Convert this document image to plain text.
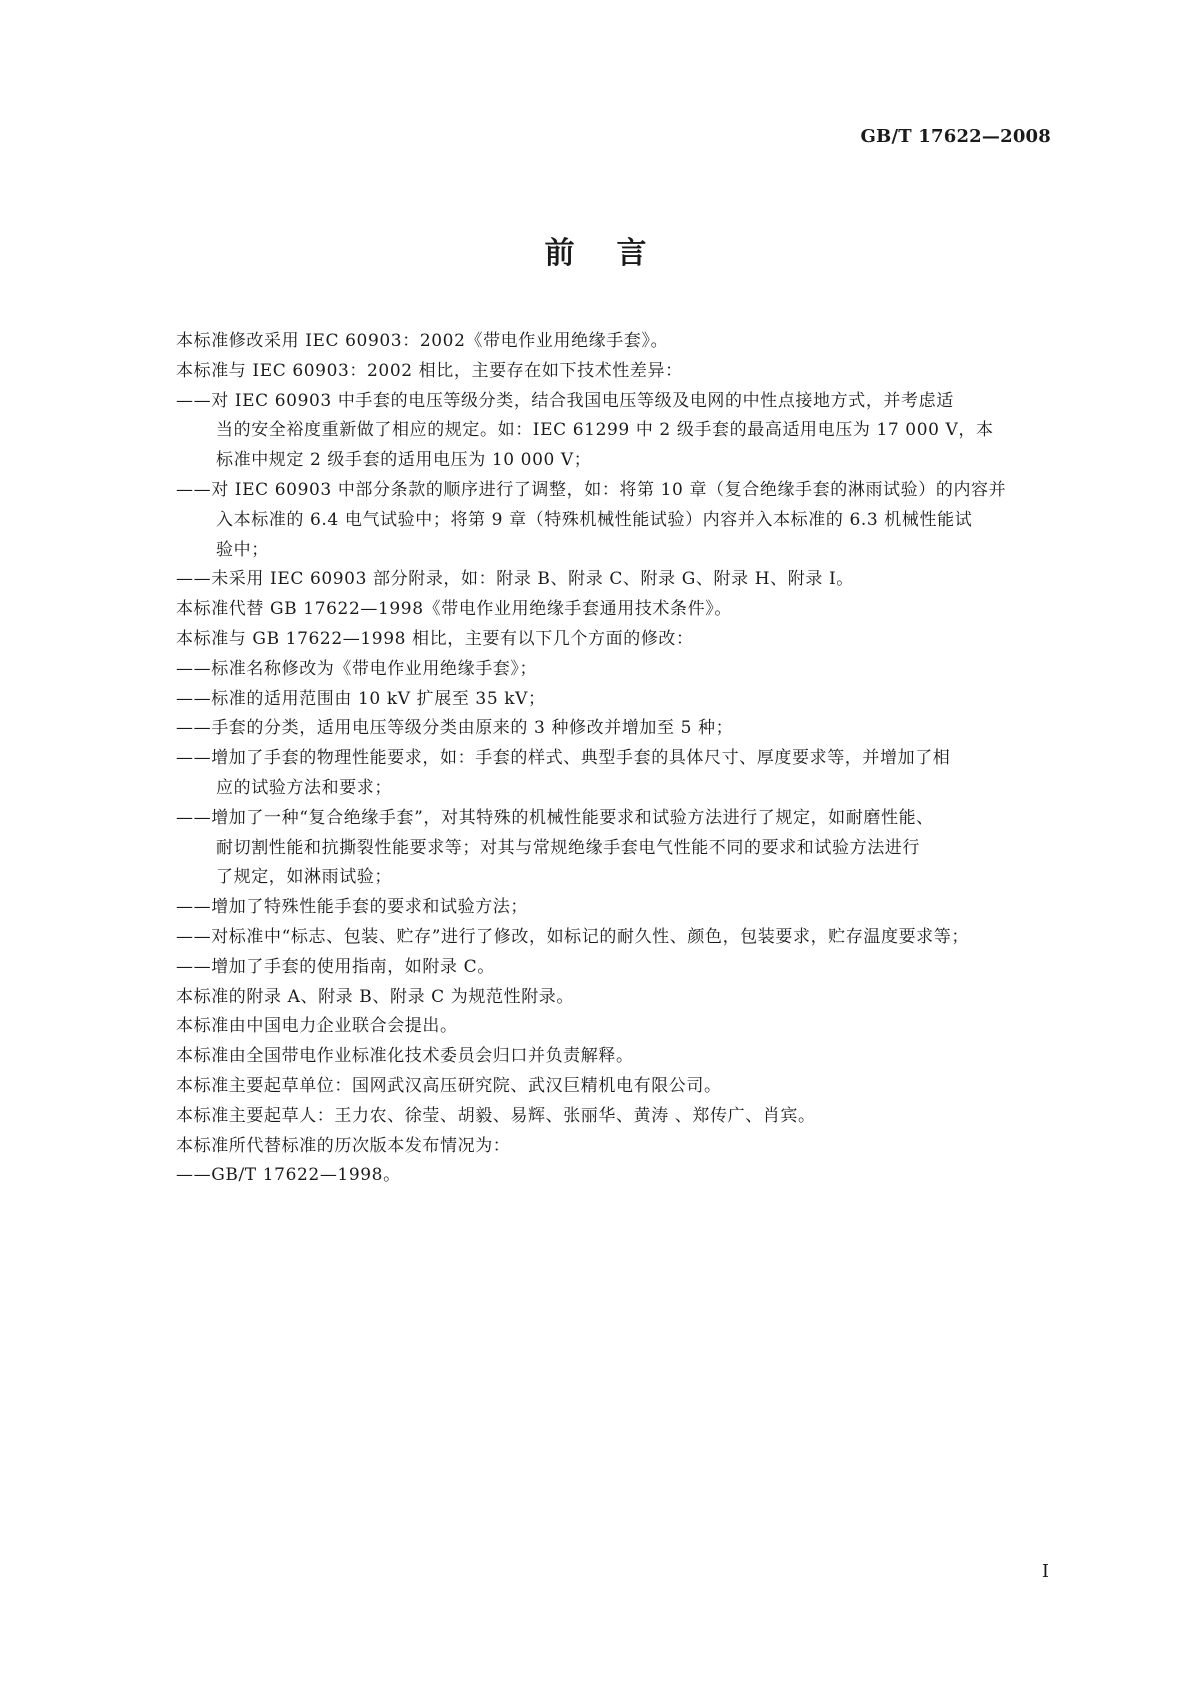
GB/T 17622—2008
前言
本标准修改采用 IEC 60903：2002《带电作业用绝缘手套》。
本标准与 IEC 60903：2002 相比，主要存在如下技术性差异：
——对 IEC 60903 中手套的电压等级分类，结合我国电压等级及电网的中性点接地方式，并考虑适
当的安全裕度重新做了相应的规定。如：IEC 61299 中 2 级手套的最高适用电压为 17 000 V，本
标准中规定 2 级手套的适用电压为 10 000 V；
——对 IEC 60903 中部分条款的顺序进行了调整，如：将第 10 章（复合绝缘手套的淋雨试验）的内容并
入本标准的 6.4 电气试验中；将第 9 章（特殊机械性能试验）内容并入本标准的 6.3 机械性能试
验中；
——未采用 IEC 60903 部分附录，如：附录 B、附录 C、附录 G、附录 H、附录 I。
本标准代替 GB 17622—1998《带电作业用绝缘手套通用技术条件》。
本标准与 GB 17622—1998 相比，主要有以下几个方面的修改：
——标准名称修改为《带电作业用绝缘手套》；
——标准的适用范围由 10 kV 扩展至 35 kV；
——手套的分类，适用电压等级分类由原来的 3 种修改并增加至 5 种；
——增加了手套的物理性能要求，如：手套的样式、典型手套的具体尺寸、厚度要求等，并增加了相
应的试验方法和要求；
——增加了一种“复合绝缘手套”，对其特殊的机械性能要求和试验方法进行了规定，如耐磨性能、
耐切割性能和抗撕裂性能要求等；对其与常规绝缘手套电气性能不同的要求和试验方法进行
了规定，如淋雨试验；
——增加了特殊性能手套的要求和试验方法；
——对标准中“标志、包装、贮存”进行了修改，如标记的耐久性、颜色，包装要求，贮存温度要求等；
——增加了手套的使用指南，如附录 C。
本标准的附录 A、附录 B、附录 C 为规范性附录。
本标准由中国电力企业联合会提出。
本标准由全国带电作业标准化技术委员会归口并负责解释。
本标准主要起草单位：国网武汉高压研究院、武汉巨精机电有限公司。
本标准主要起草人：王力农、徐莹、胡毅、易辉、张丽华、黄涛 、郑传广、肖宾。
本标准所代替标准的历次版本发布情况为：
——GB/T 17622—1998。
Ⅰ
